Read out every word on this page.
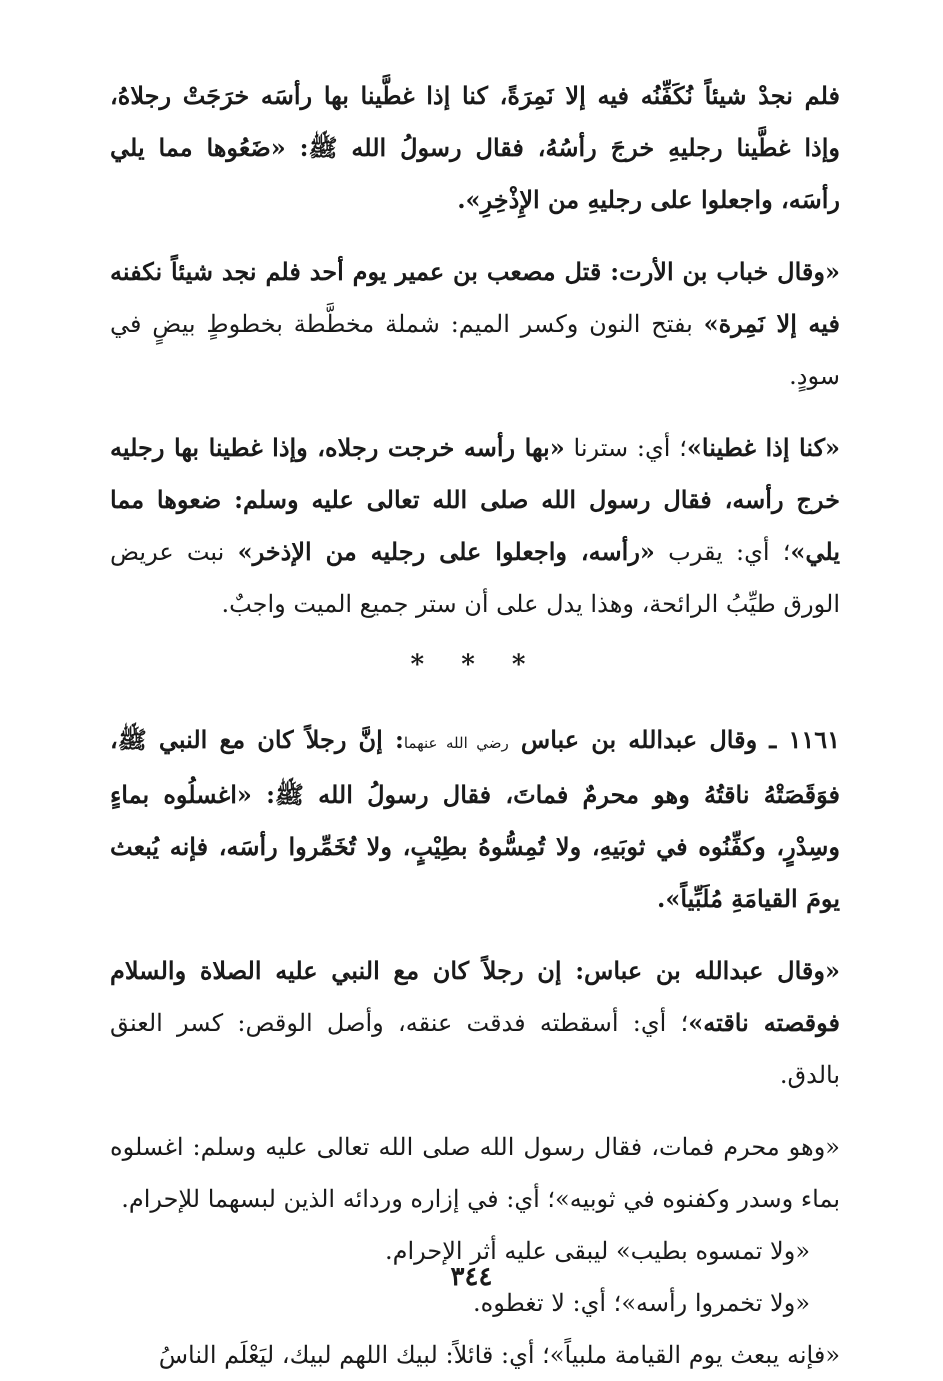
فلم نجدْ شيئاً نُكَفِّنُه فيه إلا نَمِرَةً، كنا إذا غطَّينا بها رأسَه خرَجَتْ رجلاهُ، وإذا غطَّينا رجليهِ خرجَ رأسُهُ، فقال رسولُ الله ﷺ: «ضَعُوها مما يلي رأسَه، واجعلوا على رجليهِ من الإِذْخِرِ».

«وقال خباب بن الأرت: قتل مصعب بن عمير يوم أحد فلم نجد شيئاً نكفنه فيه إلا نَمِرة» بفتح النون وكسر الميم: شملة مخطَّطة بخطوطٍ بيضٍ في سودٍ.

«كنا إذا غطينا»؛ أي: سترنا «بها رأسه خرجت رجلاه، وإذا غطينا بها رجليه خرج رأسه، فقال رسول الله صلى الله تعالى عليه وسلم: ضعوها مما يلي»؛ أي: يقرب «رأسه، واجعلوا على رجليه من الإذخر» نبت عريض الورق طيِّبُ الرائحة، وهذا يدل على أن ستر جميع الميت واجبٌ.

* * *

١١٦١ ـ وقال عبدالله بن عباس رضي الله عنهما: إنَّ رجلاً كان مع النبي ﷺ، فوَقَصَتْهُ ناقتُهُ وهو محرمٌ فماتَ، فقال رسولُ الله ﷺ: «اغسلُوه بماءٍ وسِدْرٍ، وكفِّنُوه في ثوبَيهِ، ولا تُمِسُّوهُ بطِيْبٍ، ولا تُخَمِّروا رأسَه، فإنه يُبعث يومَ القيامَةِ مُلَبِّياً».

«وقال عبدالله بن عباس: إن رجلاً كان مع النبي عليه الصلاة والسلام فوقصته ناقته»؛ أي: أسقطته فدقت عنقه، وأصل الوقص: كسر العنق بالدق.

«وهو محرم فمات، فقال رسول الله صلى الله تعالى عليه وسلم: اغسلوه بماء وسدر وكفنوه في ثوبيه»؛ أي: في إزاره وردائه الذين لبسهما للإحرام.

«ولا تمسوه بطيب» ليبقى عليه أثر الإحرام.

«ولا تخمروا رأسه»؛ أي: لا تغطوه.

«فإنه يبعث يوم القيامة ملبياً»؛ أي: قائلاً: لبيك اللهم لبيك، ليَعْلَم الناسُ

٣٤٤
